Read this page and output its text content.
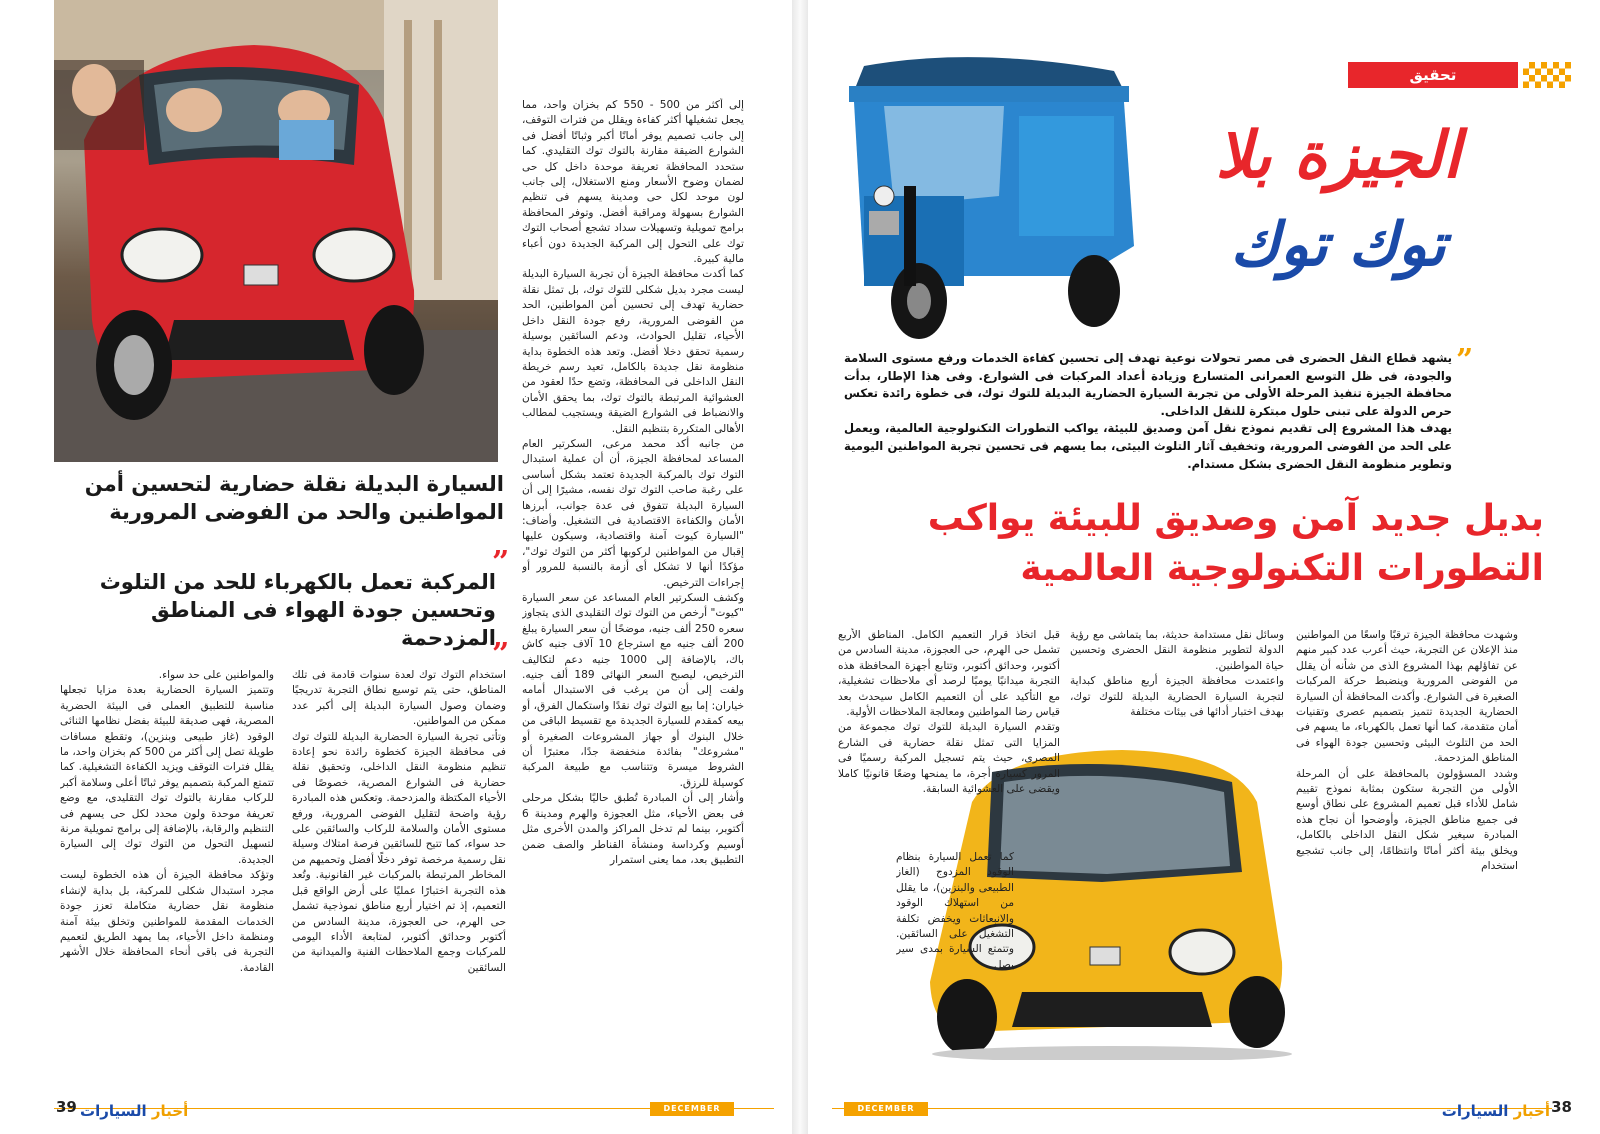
السيارة البديلة نقلة حضارية لتحسين أمن المواطنين والحد من الفوضى المرورية
”
المركبة تعمل بالكهرباء للحد من التلوث وتحسين جودة الهواء فى المناطق المزدحمة
”

إلى أكثر من 500 - 550 كم بخزان واحد، مما يجعل تشغيلها أكثر كفاءة ويقلل من فترات التوقف، إلى جانب تصميم يوفر أمانًا أكبر وثباتًا أفضل فى الشوارع الضيقة مقارنة بالتوك توك التقليدي. كما ستحدد المحافظة تعريفة موحدة داخل كل حى لضمان وضوح الأسعار ومنع الاستغلال، إلى جانب لون موحد لكل حى ومدينة يسهم فى تنظيم الشوارع بسهولة ومراقبة أفضل. وتوفر المحافظة برامج تمويلية وتسهيلات سداد تشجع أصحاب التوك توك على التحول إلى المركبة الجديدة دون أعباء مالية كبيرة.
كما أكدت محافظة الجيزة أن تجربة السيارة البديلة ليست مجرد بديل شكلى للتوك توك، بل تمثل نقلة حضارية تهدف إلى تحسين أمن المواطنين، الحد من الفوضى المرورية، رفع جودة النقل داخل الأحياء، تقليل الحوادث، ودعم السائقين بوسيلة رسمية تحقق دخلا أفضل. وتعد هذه الخطوة بداية منظومة نقل جديدة بالكامل، تعيد رسم خريطة النقل الداخلى فى المحافظة، وتضع حدًا لعقود من العشوائية المرتبطة بالتوك توك، بما يحقق الأمان والانضباط فى الشوارع الضيقة ويستجيب لمطالب الأهالى المتكررة بتنظيم النقل.
من جانبه أكد محمد مرعى، السكرتير العام المساعد لمحافظة الجيزة، أن أن عملية استبدال التوك توك بالمركبة الجديدة تعتمد بشكل أساسى على رغبة صاحب التوك توك نفسه، مشيرًا إلى أن السيارة البديلة تتفوق فى عدة جوانب، أبرزها الأمان والكفاءة الاقتصادية فى التشغيل. وأضاف: "السيارة كيوت آمنة واقتصادية، وسيكون عليها إقبال من المواطنين لركوبها أكثر من التوك توك"، مؤكدًا أنها لا تشكل أى أزمة بالنسبة للمرور أو إجراءات الترخيص.
وكشف السكرتير العام المساعد عن سعر السيارة "كيوت" أرخص من التوك توك التقليدى الذى يتجاوز سعره 250 ألف جنيه، موضحًا أن سعر السيارة يبلغ 200 ألف جنيه مع استرجاع 10 آلاف جنيه كاش باك، بالإضافة إلى 1000 جنيه دعم لتكاليف الترخيص، ليصبح السعر النهائى 189 ألف جنيه. ولفت إلى أن من يرغب فى الاستبدال أمامه خياران: إما بيع التوك توك نقدًا واستكمال الفرق، أو بيعه كمقدم للسيارة الجديدة مع تقسيط الباقى من خلال البنوك أو جهاز المشروعات الصغيرة أو "مشروعك" بفائدة منخفضة جدًا، معتبرًا أن الشروط ميسرة وتتناسب مع طبيعة المركبة كوسيلة للرزق.
وأشار إلى أن المبادرة تُطبق حاليًا بشكل مرحلى فى بعض الأحياء، مثل العجوزة والهرم ومدينة 6 أكتوبر، بينما لم تدخل المراكز والمدن الأخرى مثل أوسيم وكرداسة ومنشأة القناطر والصف ضمن التطبيق بعد، مما يعنى استمرار

استخدام التوك توك لعدة سنوات قادمة فى تلك المناطق، حتى يتم توسيع نطاق التجربة تدريجيًا وضمان وصول السيارة البديلة إلى أكبر عدد ممكن من المواطنين.
وتأتى تجربة السيارة الحضارية البديلة للتوك توك فى محافظة الجيزة كخطوة رائدة نحو إعادة تنظيم منظومة النقل الداخلى، وتحقيق نقلة حضارية فى الشوارع المصرية، خصوصًا فى الأحياء المكتظة والمزدحمة. وتعكس هذه المبادرة رؤية واضحة لتقليل الفوضى المرورية، ورفع مستوى الأمان والسلامة للركاب والسائقين على حد سواء، كما تتيح للسائقين فرصة امتلاك وسيلة نقل رسمية مرخصة توفر دخلًا أفضل وتحميهم من المخاطر المرتبطة بالمركبات غير القانونية. وتُعد هذه التجربة اختبارًا عمليًا على أرض الواقع قبل التعميم، إذ تم اختيار أربع مناطق نموذجية تشمل حى الهرم، حى العجوزة، مدينة السادس من أكتوبر وحدائق أكتوبر، لمتابعة الأداء اليومى للمركبات وجمع الملاحظات الفنية والميدانية من السائقين

والمواطنين على حد سواء.
وتتميز السيارة الحضارية بعدة مزايا تجعلها مناسبة للتطبيق العملى فى البيئة الحضرية المصرية، فهى صديقة للبيئة بفضل نظامها الثنائى الوقود (غاز طبيعى وبنزين)، وتقطع مسافات طويلة تصل إلى أكثر من 500 كم بخزان واحد، ما يقلل فترات التوقف ويزيد الكفاءة التشغيلية. كما تتمتع المركبة بتصميم يوفر ثباتًا أعلى وسلامة أكبر للركاب مقارنة بالتوك توك التقليدى، مع وضع تعريفة موحدة ولون محدد لكل حى يسهم فى التنظيم والرقابة، بالإضافة إلى برامج تمويلية مرنة لتسهيل التحول من التوك توك إلى السيارة الجديدة.
وتؤكد محافظة الجيزة أن هذه الخطوة ليست مجرد استبدال شكلى للمركبة، بل بداية لإنشاء منظومة نقل حضارية متكاملة تعزز جودة الخدمات المقدمة للمواطنين وتخلق بيئة آمنة ومنظمة داخل الأحياء، بما يمهد الطريق لتعميم التجربة فى باقى أنحاء المحافظة خلال الأشهر القادمة.

39	أخبار السيارات	DECEMBER 2025
تحقيق
الجيزة بلا
توك توك
”

يشهد قطاع النقل الحضرى فى مصر تحولات نوعية تهدف إلى تحسين كفاءة الخدمات ورفع مستوى السلامة والجودة، فى ظل التوسع العمرانى المتسارع وزيادة أعداد المركبات فى الشوارع. وفى هذا الإطار، بدأت محافظة الجيزة تنفيذ المرحلة الأولى من تجربة السيارة الحضارية البديلة للتوك توك، فى خطوة رائدة تعكس حرص الدولة على تبنى حلول مبتكرة للنقل الداخلى.
يهدف هذا المشروع إلى تقديم نموذج نقل آمن وصديق للبيئة، يواكب التطورات التكنولوجية العالمية، ويعمل على الحد من الفوضى المرورية، وتخفيف آثار التلوث البيئى، بما يسهم فى تحسين تجربة المواطنين اليومية وتطوير منظومة النقل الحضرى بشكل مستدام.

بديل جديد آمن وصديق للبيئة يواكب التطورات التكنولوجية العالمية

وشهدت محافظة الجيزة ترقبًا واسعًا من المواطنين منذ الإعلان عن التجربة، حيث أعرب عدد كبير منهم عن تفاؤلهم بهذا المشروع الذى من شأنه أن يقلل من الفوضى المرورية وينضبط حركة المركبات الصغيرة فى الشوارع. وأكدت المحافظة أن السيارة الحضارية الجديدة تتميز بتصميم عصرى وتقنيات أمان متقدمة، كما أنها تعمل بالكهرباء، ما يسهم فى الحد من التلوث البيئى وتحسين جودة الهواء فى المناطق المزدحمة.
وشدد المسؤولون بالمحافظة على أن المرحلة الأولى من التجربة ستكون بمثابة نموذج تقييم شامل للأداء قبل تعميم المشروع على نطاق أوسع فى جميع مناطق الجيزة، وأوضحوا أن نجاح هذه المبادرة سيغير شكل النقل الداخلى بالكامل، ويخلق بيئة أكثر أمانًا وانتظامًا، إلى جانب تشجيع استخدام

وسائل نقل مستدامة حديثة، بما يتماشى مع رؤية الدولة لتطوير منظومة النقل الحضرى وتحسين حياة المواطنين.
واعتمدت محافظة الجيزة أربع مناطق كبداية لتجربة السيارة الحضارية البديلة للتوك توك، بهدف اختبار أدائها فى بيئات مختلفة

قبل اتخاذ قرار التعميم الكامل. المناطق الأربع تشمل حى الهرم، حى العجوزة، مدينة السادس من أكتوبر، وحدائق أكتوبر، وتتابع أجهزة المحافظة هذه التجربة ميدانيًا يوميًا لرصد أى ملاحظات تشغيلية، مع التأكيد على أن التعميم الكامل سيحدث بعد قياس رضا المواطنين ومعالجة الملاحظات الأولية.
وتقدم السيارة البديلة للتوك توك مجموعة من المزايا التى تمثل نقلة حضارية فى الشارع المصرى، حيث يتم تسجيل المركبة رسميًا فى المرور كسيارة أجرة، ما يمنحها وضعًا قانونيًا كاملا ويقضى على العشوائية السابقة.

كما تعمل السيارة بنظام الوقود المزدوج (الغاز الطبيعى والبنزين)، ما يقلل من استهلاك الوقود والانبعاثات ويخفض تكلفة التشغيل على السائقين. وتتمتع السيارة بمدى سير يصل

38
أخبار السيارات
DECEMBER 2025
